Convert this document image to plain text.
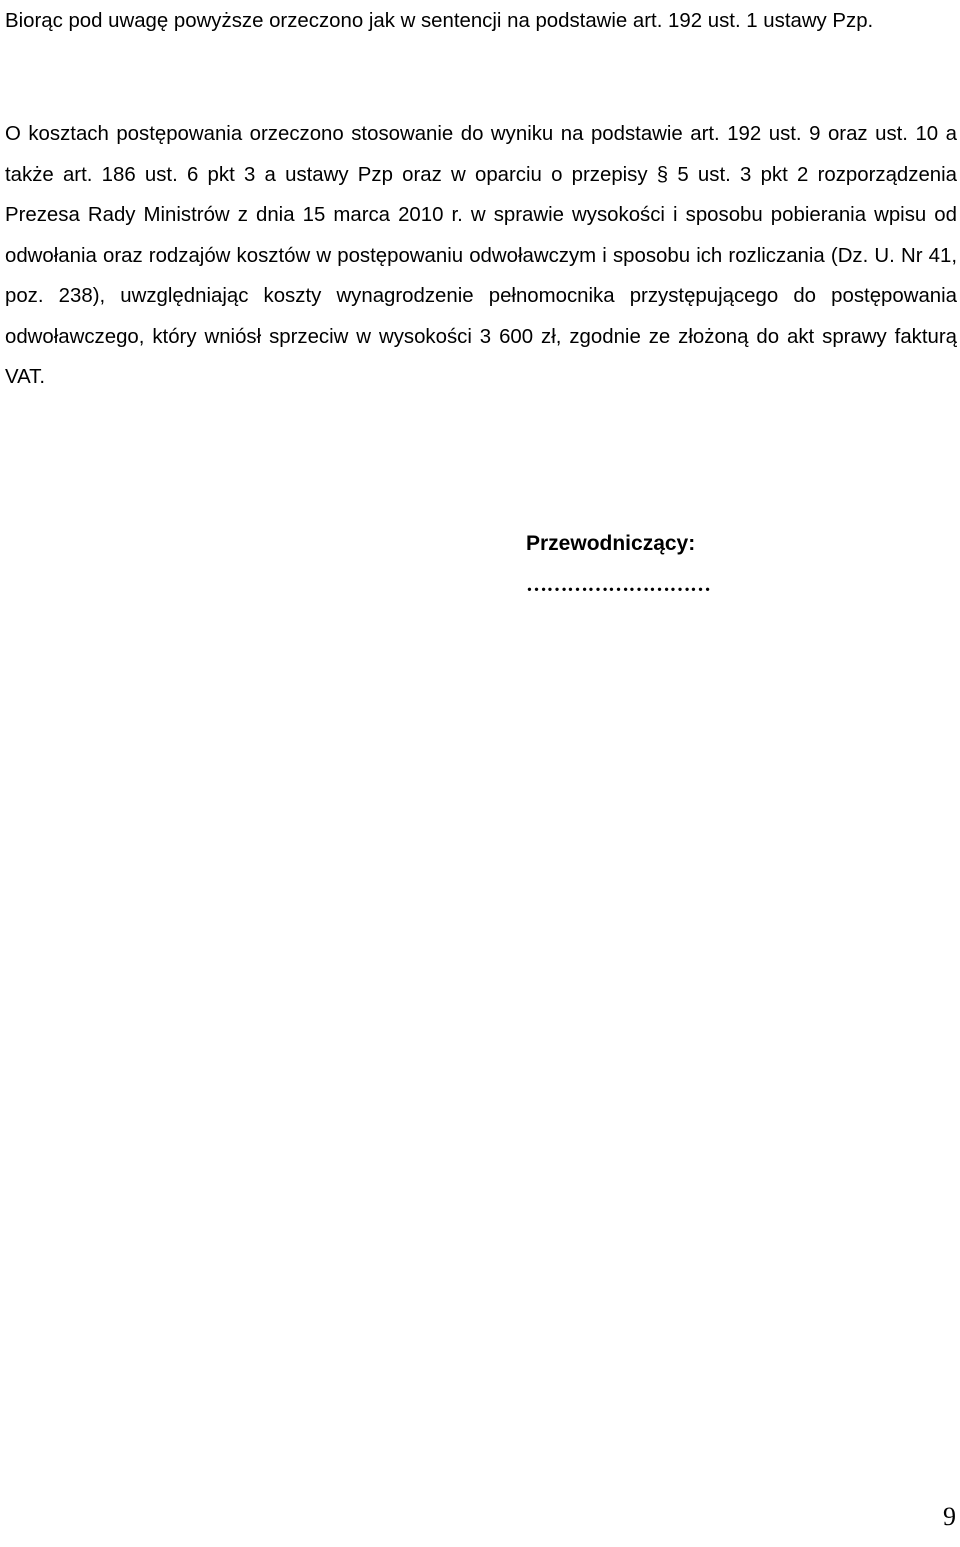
Biorąc pod uwagę powyższe orzeczono jak w sentencji na podstawie art. 192 ust. 1 ustawy Pzp.

O kosztach postępowania orzeczono stosowanie do wyniku na podstawie art. 192 ust. 9 oraz ust. 10 a także art. 186 ust. 6 pkt 3 a ustawy Pzp oraz w oparciu o przepisy § 5 ust. 3 pkt 2 rozporządzenia Prezesa Rady Ministrów z dnia 15 marca 2010 r. w sprawie wysokości i sposobu pobierania wpisu od odwołania oraz rodzajów kosztów w postępowaniu odwoławczym i sposobu ich rozliczania (Dz. U. Nr 41, poz. 238), uwzględniając koszty wynagrodzenie pełnomocnika przystępującego do postępowania odwoławczego, który wniósł sprzeciw w wysokości 3 600 zł, zgodnie ze złożoną do akt sprawy fakturą VAT.

Przewodniczący:
………………………
9
